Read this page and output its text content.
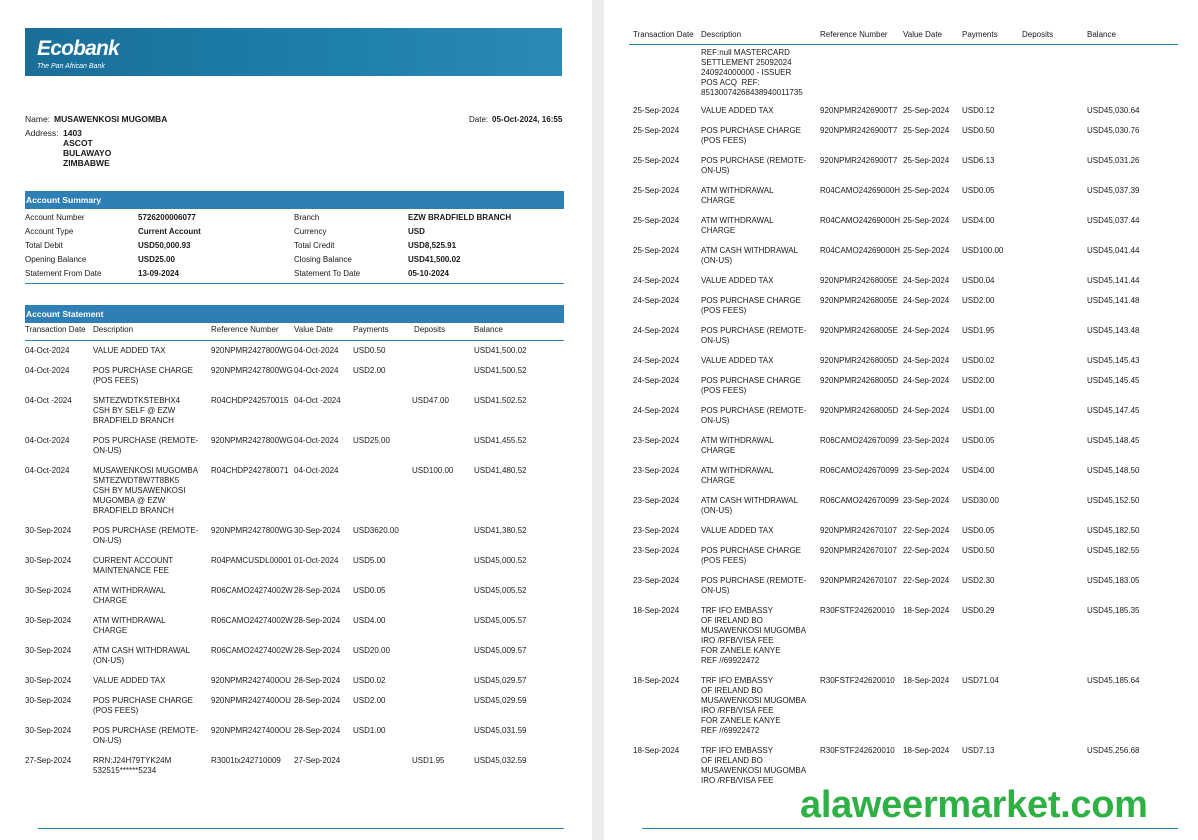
Ecobank
The Pan African Bank
Name: MUSAWENKOSI MUGOMBA	Date: 05-Oct-2024, 16:55
Address: 1403
ASCOT
BULAWAYO
ZIMBABWE
Account Summary
Account Number	5726200006077	Branch	EZW BRADFIELD BRANCH
Account Type	Current Account	Currency	USD
Total Debit	USD50,000.93	Total Credit	USD8,525.91
Opening Balance	USD25.00	Closing Balance	USD41,500.02
Statement From Date	13-09-2024	Statement To Date	05-10-2024
Account Statement
Transaction Date Description	Reference Number Value Date	Payments	Deposits	Balance
04-Oct-2024	VALUE ADDED TAX	920NPMR2427800WG 04-Oct-2024 USD0.50	USD41,500.02
04-Oct-2024	POS PURCHASE CHARGE
(POS FEES)
920NPMR2427800WG 04-Oct-2024 USD2.00	USD41,500.52
04-Oct -2024	SMTEZWDTKSTEBHX4
CSH BY SELF @ EZW
BRADFIELD BRANCH
R04CHDP242570015 04-Oct -2024	USD47.00	USD41,502.52
04-Oct-2024	POS PURCHASE (REMOTE-
ON-US)
920NPMR2427800WG 04-Oct-2024 USD25.00	USD41,455.52
04-Oct-2024	MUSAWENKOSI MUGOMBA
SMTEZWDT8W7T8BK5
CSH BY MUSAWENKOSI
MUGOMBA @ EZW
BRADFIELD BRANCH
R04CHDP242780071 04-Oct-2024	USD100.00	USD41,480.52
30-Sep-2024	POS PURCHASE (REMOTE-
ON-US)
920NPMR2427800WG 30-Sep-2024 USD3620.00	USD41,380.52
30-Sep-2024	CURRENT ACCOUNT
MAINTENANCE FEE
R04PAMCUSDL00001 01-Oct-2024 USD5.00	USD45,000.52
30-Sep-2024	ATM WITHDRAWAL
CHARGE
R06CAMO24274002W 28-Sep-2024 USD0.05	USD45,005.52
30-Sep-2024	ATM WITHDRAWAL
CHARGE
R06CAMO24274002W 28-Sep-2024 USD4.00	USD45,005.57
30-Sep-2024	ATM CASH WITHDRAWAL
(ON-US)
R06CAMO24274002W 28-Sep-2024 USD20.00	USD45,009.57
30-Sep-2024	VALUE ADDED TAX	920NPMR2427400OU 28-Sep-2024 USD0.02	USD45,029.57
30-Sep-2024	POS PURCHASE CHARGE
(POS FEES)
920NPMR2427400OU 28-Sep-2024 USD2.00	USD45,029.59
30-Sep-2024	POS PURCHASE (REMOTE-
ON-US)
920NPMR2427400OU 28-Sep-2024 USD1.00	USD45,031.59
27-Sep-2024	RRN:J24H79TYK24M
532515******5234
R3001tx242710009 27-Sep-2024	USD1.95	USD45,032.59
Transaction Date Description	Reference Number Value Date	Payments	Deposits	Balance
REF:null MASTERCARD
SETTLEMENT 25092024
240924000000 - ISSUER
POS ACQ  REF:
85130074268438940011735
25-Sep-2024	VALUE ADDED TAX	920NPMR2426900T7 25-Sep-2024 USD0.12	USD45,030.64
25-Sep-2024	POS PURCHASE CHARGE
(POS FEES)
920NPMR2426900T7 25-Sep-2024 USD0.50	USD45,030.76
25-Sep-2024	POS PURCHASE (REMOTE-
ON-US)
920NPMR2426900T7 25-Sep-2024 USD6.13	USD45,031.26
25-Sep-2024	ATM WITHDRAWAL
CHARGE
R04CAMO24269000H 25-Sep-2024 USD0.05	USD45,037.39
25-Sep-2024	ATM WITHDRAWAL
CHARGE
R04CAMO24269000H 25-Sep-2024 USD4.00	USD45,037.44
25-Sep-2024	ATM CASH WITHDRAWAL
(ON-US)
R04CAMO24269000H 25-Sep-2024 USD100.00	USD45,041.44
24-Sep-2024	VALUE ADDED TAX	920NPMR24268005E 24-Sep-2024 USD0.04	USD45,141.44
24-Sep-2024	POS PURCHASE CHARGE
(POS FEES)
920NPMR24268005E 24-Sep-2024 USD2.00	USD45,141.48
24-Sep-2024	POS PURCHASE (REMOTE-
ON-US)
920NPMR24268005E 24-Sep-2024 USD1.95	USD45,143.48
24-Sep-2024	VALUE ADDED TAX	920NPMR24268005D 24-Sep-2024 USD0.02	USD45,145.43
24-Sep-2024	POS PURCHASE CHARGE
(POS FEES)
920NPMR24268005D 24-Sep-2024 USD2.00	USD45,145.45
24-Sep-2024	POS PURCHASE (REMOTE-
ON-US)
920NPMR24268005D 24-Sep-2024 USD1.00	USD45,147.45
23-Sep-2024	ATM WITHDRAWAL
CHARGE
R06CAMO242670099 23-Sep-2024 USD0.05	USD45,148.45
23-Sep-2024	ATM WITHDRAWAL
CHARGE
R06CAMO242670099 23-Sep-2024 USD4.00	USD45,148.50
23-Sep-2024	ATM CASH WITHDRAWAL
(ON-US)
R06CAMO242670099 23-Sep-2024 USD30.00	USD45,152.50
23-Sep-2024	VALUE ADDED TAX	920NPMR242670107 22-Sep-2024 USD0.05	USD45,182.50
23-Sep-2024	POS PURCHASE CHARGE
(POS FEES)
920NPMR242670107 22-Sep-2024 USD0.50	USD45,182.55
23-Sep-2024	POS PURCHASE (REMOTE-
ON-US)
920NPMR242670107 22-Sep-2024 USD2.30	USD45,183.05
18-Sep-2024	TRF IFO EMBASSY
OF IRELAND BO
MUSAWENKOSI MUGOMBA
IRO /RFB/VISA FEE
FOR ZANELE KANYE
REF //69922472
R30FSTF242620010 18-Sep-2024 USD0.29	USD45,185.35
18-Sep-2024	TRF IFO EMBASSY
OF IRELAND BO
MUSAWENKOSI MUGOMBA
IRO /RFB/VISA FEE
FOR ZANELE KANYE
REF //69922472
R30FSTF242620010 18-Sep-2024 USD71.04	USD45,185.64
18-Sep-2024	TRF IFO EMBASSY
OF IRELAND BO
MUSAWENKOSI MUGOMBA
IRO /RFB/VISA FEE
R30FSTF242620010 18-Sep-2024 USD7.13	USD45,256.68
alaweermarket.com
